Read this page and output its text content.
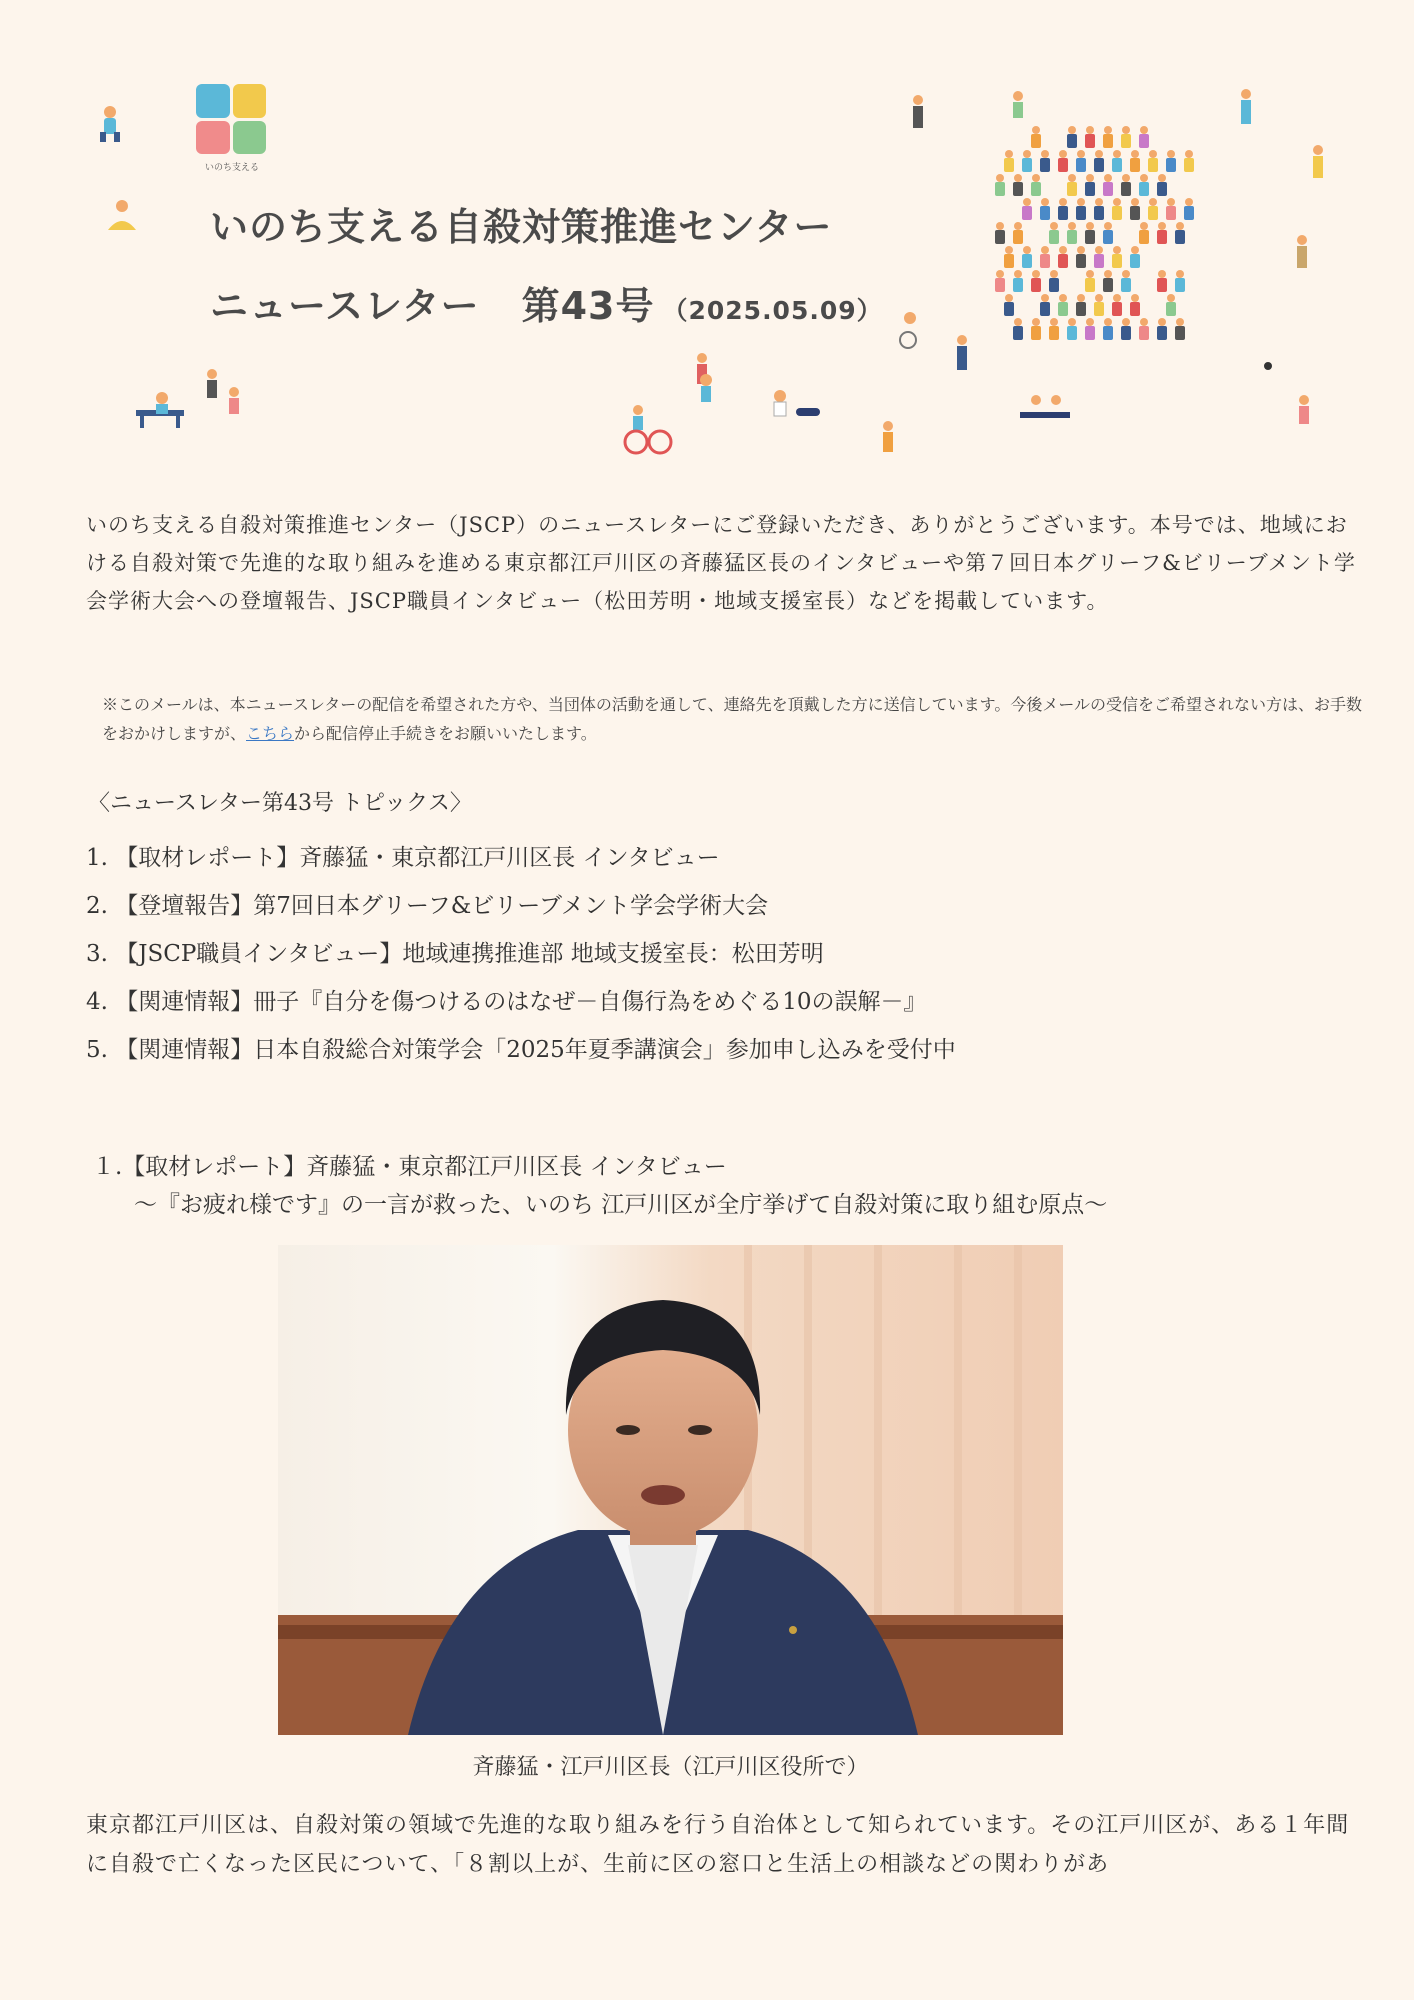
いのち支える
いのち支える自殺対策推進センター
ニュースレター 第43号 （2025.05.09）
いのち支える自殺対策推進センター（JSCP）のニュースレターにご登録いただき、ありがとうございます。本号では、地域における自殺対策で先進的な取り組みを進める東京都江戸川区の斉藤猛区長のインタビューや第７回日本グリーフ&ビリーブメント学会学術大会への登壇報告、JSCP職員インタビュー（松田芳明・地域支援室長）などを掲載しています。
※このメールは、本ニュースレターの配信を希望された方や、当団体の活動を通して、連絡先を頂戴した方に送信しています。今後メールの受信をご希望されない方は、お手数をおかけしますが、こちらから配信停止手続きをお願いいたします。
〈ニュースレター第43号 トピックス〉
1. 【取材レポート】斉藤猛・東京都江戸川区長 インタビュー
2. 【登壇報告】第7回日本グリーフ&ビリーブメント学会学術大会
3. 【JSCP職員インタビュー】地域連携推進部 地域支援室長：松田芳明
4. 【関連情報】冊子『自分を傷つけるのはなぜ－自傷行為をめぐる10の誤解－』
5. 【関連情報】日本自殺総合対策学会「2025年夏季講演会」参加申し込みを受付中
１.【取材レポート】斉藤猛・東京都江戸川区長 インタビュー
～『お疲れ様です』の一言が救った、いのち 江戸川区が全庁挙げて自殺対策に取り組む原点～
斉藤猛・江戸川区長（江戸川区役所で）
東京都江戸川区は、自殺対策の領域で先進的な取り組みを行う自治体として知られています。その江戸川区が、ある１年間に自殺で亡くなった区民について、「８割以上が、生前に区の窓口と生活上の相談などの関わりがあ
